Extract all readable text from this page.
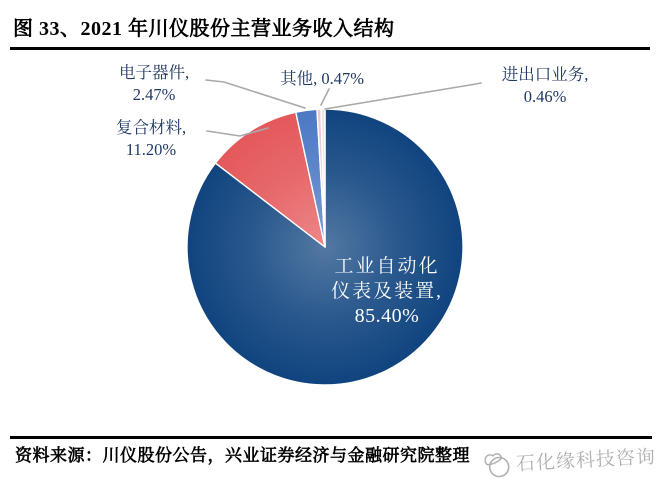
图 33、2021 年川仪股份主营业务收入结构
电子器件,
2.47%
复合材料,
11.20%
其他, 0.47%	进出口业务,
0.46%
工业自动化
仪表及装置,
85.40%

资料来源：川仪股份公告，兴业证券经济与金融研究院整理 石化缘科技咨询
